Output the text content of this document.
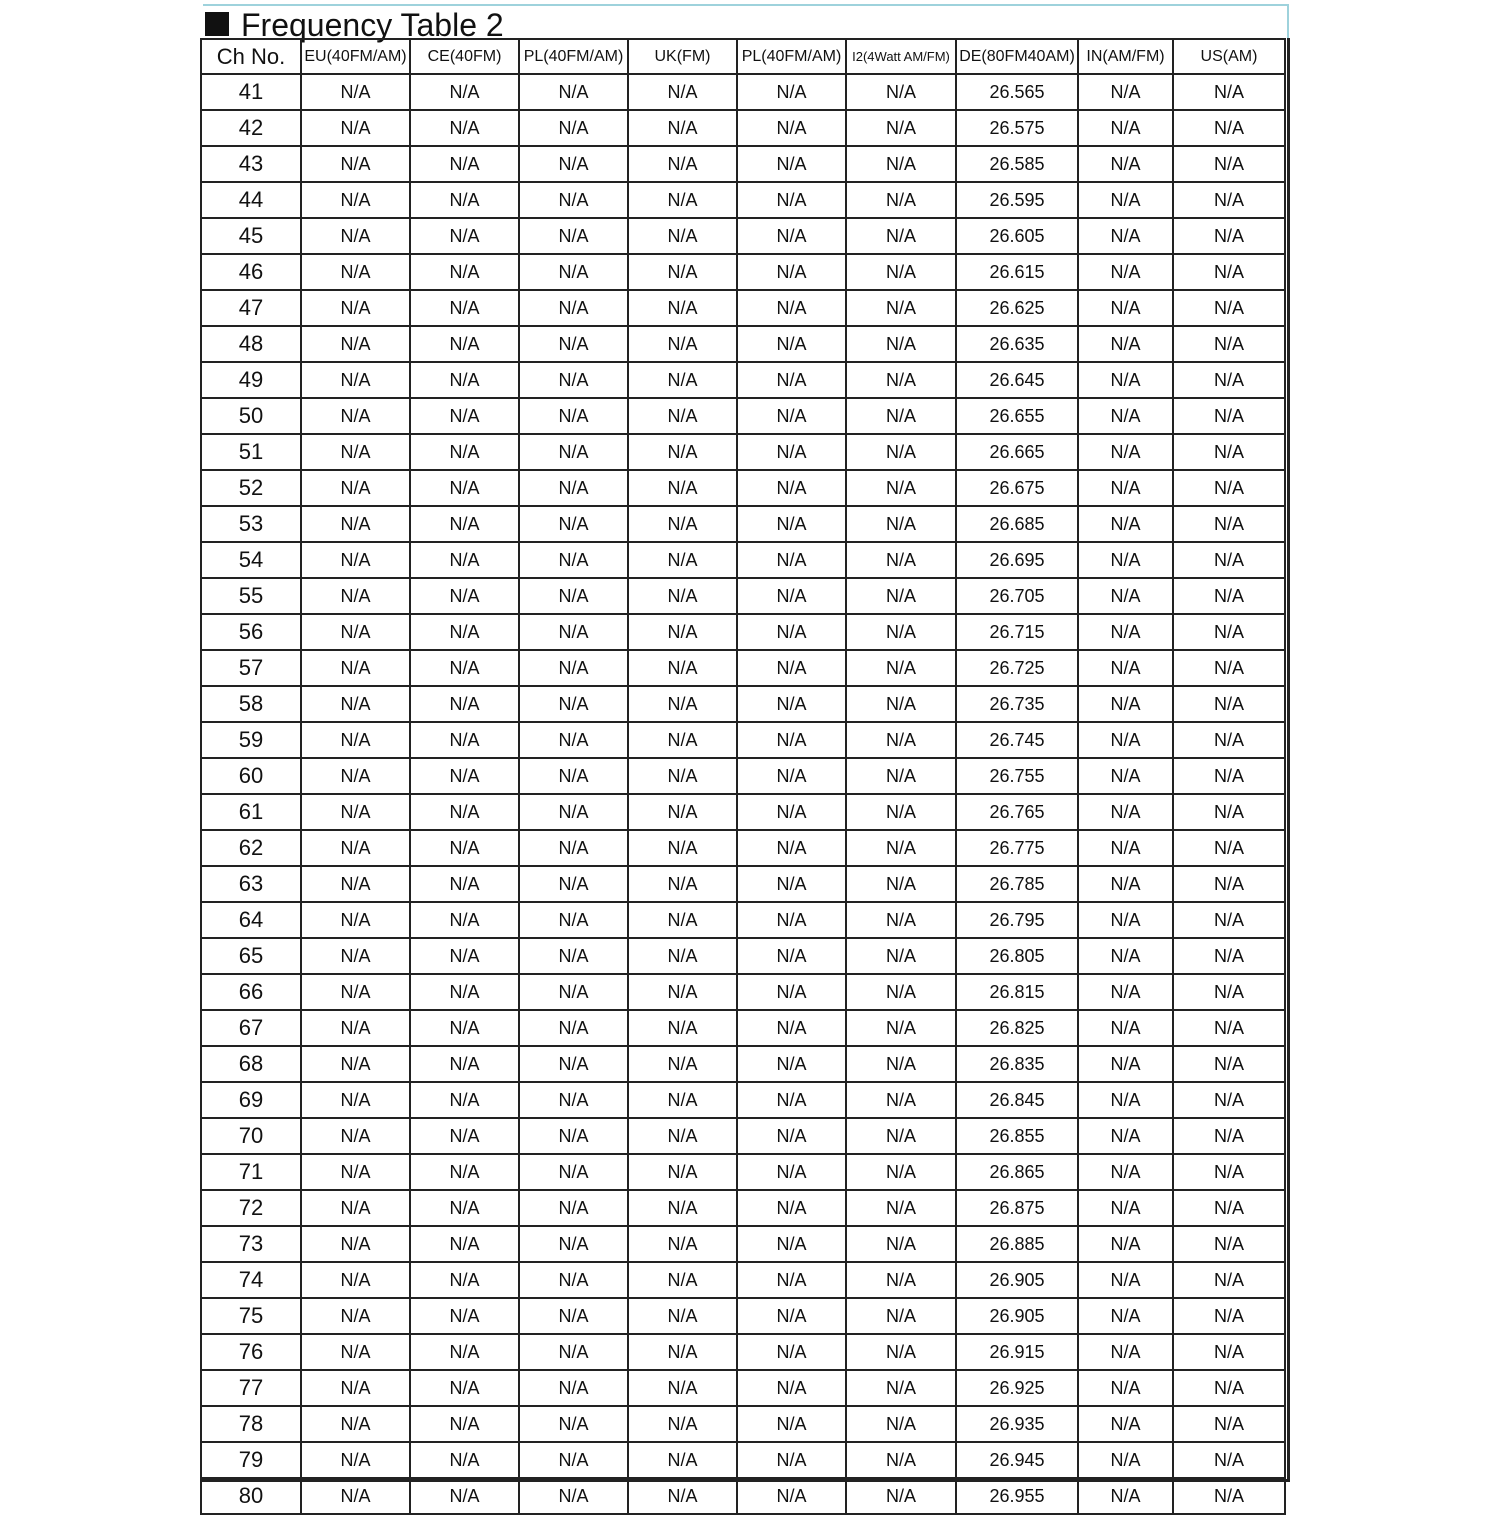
Frequency Table 2
Ch No.	EU(40FM/AM)	CE(40FM)	PL(40FM/AM)	UK(FM)	PL(40FM/AM)	I2(4Watt AM/FM)	DE(80FM40AM)	IN(AM/FM)	US(AM)
41	N/A	N/A	N/A	N/A	N/A	N/A	26.565	N/A	N/A
42	N/A	N/A	N/A	N/A	N/A	N/A	26.575	N/A	N/A
43	N/A	N/A	N/A	N/A	N/A	N/A	26.585	N/A	N/A
44	N/A	N/A	N/A	N/A	N/A	N/A	26.595	N/A	N/A
45	N/A	N/A	N/A	N/A	N/A	N/A	26.605	N/A	N/A
46	N/A	N/A	N/A	N/A	N/A	N/A	26.615	N/A	N/A
47	N/A	N/A	N/A	N/A	N/A	N/A	26.625	N/A	N/A
48	N/A	N/A	N/A	N/A	N/A	N/A	26.635	N/A	N/A
49	N/A	N/A	N/A	N/A	N/A	N/A	26.645	N/A	N/A
50	N/A	N/A	N/A	N/A	N/A	N/A	26.655	N/A	N/A
51	N/A	N/A	N/A	N/A	N/A	N/A	26.665	N/A	N/A
52	N/A	N/A	N/A	N/A	N/A	N/A	26.675	N/A	N/A
53	N/A	N/A	N/A	N/A	N/A	N/A	26.685	N/A	N/A
54	N/A	N/A	N/A	N/A	N/A	N/A	26.695	N/A	N/A
55	N/A	N/A	N/A	N/A	N/A	N/A	26.705	N/A	N/A
56	N/A	N/A	N/A	N/A	N/A	N/A	26.715	N/A	N/A
57	N/A	N/A	N/A	N/A	N/A	N/A	26.725	N/A	N/A
58	N/A	N/A	N/A	N/A	N/A	N/A	26.735	N/A	N/A
59	N/A	N/A	N/A	N/A	N/A	N/A	26.745	N/A	N/A
60	N/A	N/A	N/A	N/A	N/A	N/A	26.755	N/A	N/A
61	N/A	N/A	N/A	N/A	N/A	N/A	26.765	N/A	N/A
62	N/A	N/A	N/A	N/A	N/A	N/A	26.775	N/A	N/A
63	N/A	N/A	N/A	N/A	N/A	N/A	26.785	N/A	N/A
64	N/A	N/A	N/A	N/A	N/A	N/A	26.795	N/A	N/A
65	N/A	N/A	N/A	N/A	N/A	N/A	26.805	N/A	N/A
66	N/A	N/A	N/A	N/A	N/A	N/A	26.815	N/A	N/A
67	N/A	N/A	N/A	N/A	N/A	N/A	26.825	N/A	N/A
68	N/A	N/A	N/A	N/A	N/A	N/A	26.835	N/A	N/A
69	N/A	N/A	N/A	N/A	N/A	N/A	26.845	N/A	N/A
70	N/A	N/A	N/A	N/A	N/A	N/A	26.855	N/A	N/A
71	N/A	N/A	N/A	N/A	N/A	N/A	26.865	N/A	N/A
72	N/A	N/A	N/A	N/A	N/A	N/A	26.875	N/A	N/A
73	N/A	N/A	N/A	N/A	N/A	N/A	26.885	N/A	N/A
74	N/A	N/A	N/A	N/A	N/A	N/A	26.905	N/A	N/A
75	N/A	N/A	N/A	N/A	N/A	N/A	26.905	N/A	N/A
76	N/A	N/A	N/A	N/A	N/A	N/A	26.915	N/A	N/A
77	N/A	N/A	N/A	N/A	N/A	N/A	26.925	N/A	N/A
78	N/A	N/A	N/A	N/A	N/A	N/A	26.935	N/A	N/A
79	N/A	N/A	N/A	N/A	N/A	N/A	26.945	N/A	N/A
80	N/A	N/A	N/A	N/A	N/A	N/A	26.955	N/A	N/A
